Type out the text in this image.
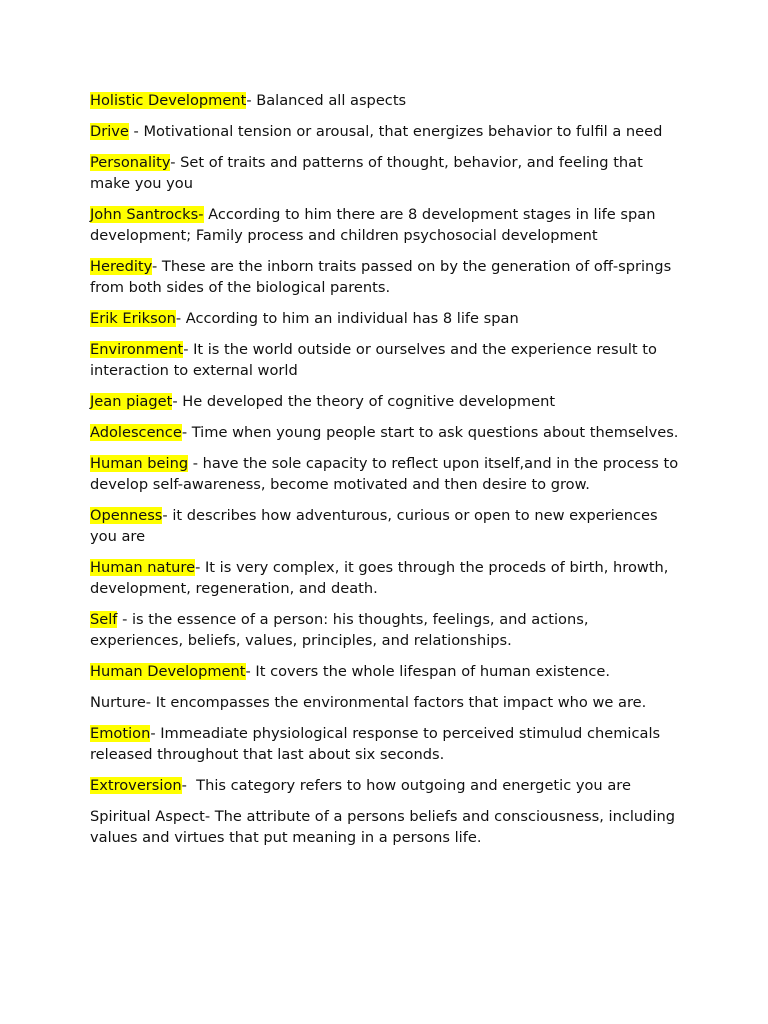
Holistic Development- Balanced all aspects

Drive - Motivational tension or arousal, that energizes behavior to fulfil a need

Personality- Set of traits and patterns of thought, behavior, and feeling that make you you

John Santrocks- According to him there are 8 development stages in life span development; Family process and children psychosocial development

Heredity- These are the inborn traits passed on by the generation of off-springs from both sides of the biological parents.

Erik Erikson- According to him an individual has 8 life span

Environment- It is the world outside or ourselves and the experience result to interaction to external world

Jean piaget- He developed the theory of cognitive development

Adolescence- Time when young people start to ask questions about themselves.

Human being - have the sole capacity to reflect upon itself,and in the process to develop self-awareness, become motivated and then desire to grow.

Openness- it describes how adventurous, curious or open to new experiences you are

Human nature- It is very complex, it goes through the proceds of birth, hrowth, development, regeneration, and death.

Self - is the essence of a person: his thoughts, feelings, and actions, experiences, beliefs, values, principles, and relationships.

Human Development- It covers the whole lifespan of human existence.

Nurture- It encompasses the environmental factors that impact who we are.

Emotion- Immeadiate physiological response to perceived stimulud chemicals released throughout that last about six seconds.

Extroversion-  This category refers to how outgoing and energetic you are

Spiritual Aspect- The attribute of a persons beliefs and consciousness, including values and virtues that put meaning in a persons life.
